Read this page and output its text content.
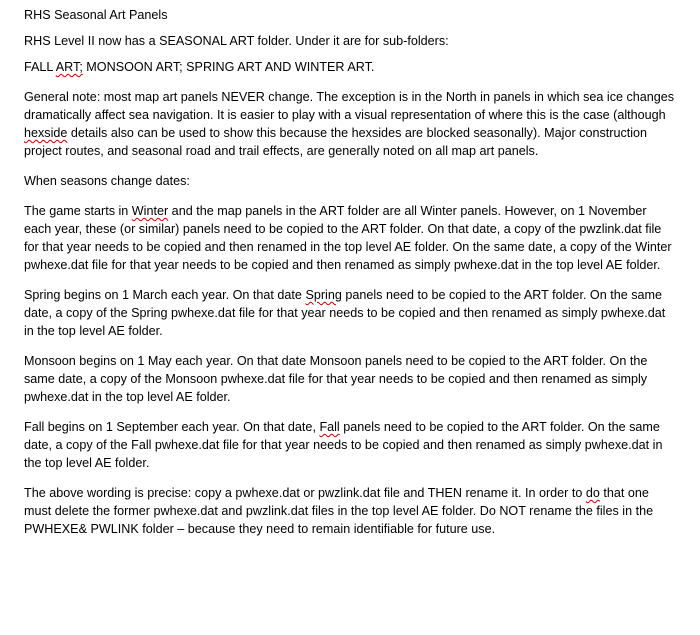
RHS Seasonal Art Panels

RHS Level II now has a SEASONAL ART folder. Under it are for sub-folders:

FALL ART; MONSOON ART; SPRING ART AND WINTER ART.

General note: most map art panels NEVER change. The exception is in the North in panels in which sea ice changes dramatically affect sea navigation. It is easier to play with a visual representation of where this is the case (although hexside details also can be used to show this because the hexsides are blocked seasonally). Major construction project routes, and seasonal road and trail effects, are generally noted on all map art panels.

When seasons change dates:

The game starts in Winter and the map panels in the ART folder are all Winter panels. However, on 1 November each year, these (or similar) panels need to be copied to the ART folder. On that date, a copy of the pwzlink.dat file for that year needs to be copied and then renamed in the top level AE folder. On the same date, a copy of the Winter pwhexe.dat file for that year needs to be copied and then renamed as simply pwhexe.dat in the top level AE folder.

Spring begins on 1 March each year. On that date Spring panels need to be copied to the ART folder. On the same date, a copy of the Spring pwhexe.dat file for that year needs to be copied and then renamed as simply pwhexe.dat in the top level AE folder.

Monsoon begins on 1 May each year. On that date Monsoon panels need to be copied to the ART folder. On the same date, a copy of the Monsoon pwhexe.dat file for that year needs to be copied and then renamed as simply pwhexe.dat in the top level AE folder.

Fall begins on 1 September each year. On that date, Fall panels need to be copied to the ART folder. On the same date, a copy of the Fall pwhexe.dat file for that year needs to be copied and then renamed as simply pwhexe.dat in the top level AE folder.

The above wording is precise: copy a pwhexe.dat or pwzlink.dat file and THEN rename it. In order to do that one must delete the former pwhexe.dat and pwzlink.dat files in the top level AE folder. Do NOT rename the files in the PWHEXE& PWLINK folder – because they need to remain identifiable for future use.
